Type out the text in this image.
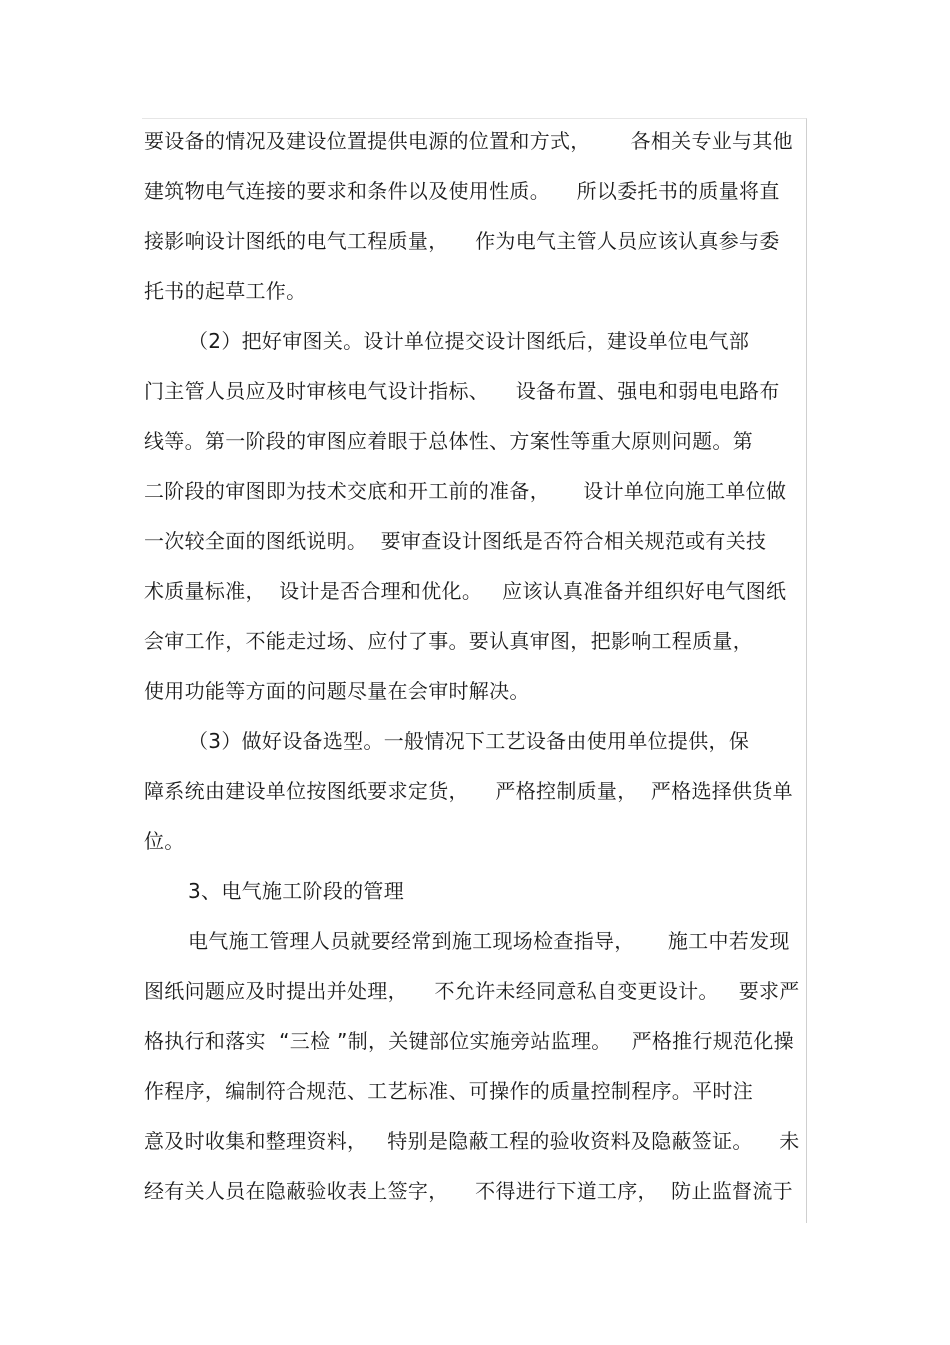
要设备的情况及建设位置提供电源的位置和方式，      各相关专业与其他
建筑物电气连接的要求和条件以及使用性质。    所以委托书的质量将直
接影响设计图纸的电气工程质量，    作为电气主管人员应该认真参与委
托书的起草工作。
（2）把好审图关。设计单位提交设计图纸后，建设单位电气部
门主管人员应及时审核电气设计指标、    设备布置、强电和弱电电路布
线等。第一阶段的审图应着眼于总体性、方案性等重大原则问题。第
二阶段的审图即为技术交底和开工前的准备，     设计单位向施工单位做
一次较全面的图纸说明。  要审查设计图纸是否符合相关规范或有关技
术质量标准，  设计是否合理和优化。   应该认真准备并组织好电气图纸
会审工作，不能走过场、应付了事。要认真审图，把影响工程质量，
使用功能等方面的问题尽量在会审时解决。
（3）做好设备选型。一般情况下工艺设备由使用单位提供，保
障系统由建设单位按图纸要求定货，    严格控制质量，  严格选择供货单
位。
3、电气施工阶段的管理
电气施工管理人员就要经常到施工现场检查指导，     施工中若发现
图纸问题应及时提出并处理，    不允许未经同意私自变更设计。   要求严
格执行和落实  “三检 ”制，关键部位实施旁站监理。   严格推行规范化操
作程序，编制符合规范、工艺标准、可操作的质量控制程序。平时注
意及时收集和整理资料，   特别是隐蔽工程的验收资料及隐蔽签证。    未
经有关人员在隐蔽验收表上签字，    不得进行下道工序，  防止监督流于
